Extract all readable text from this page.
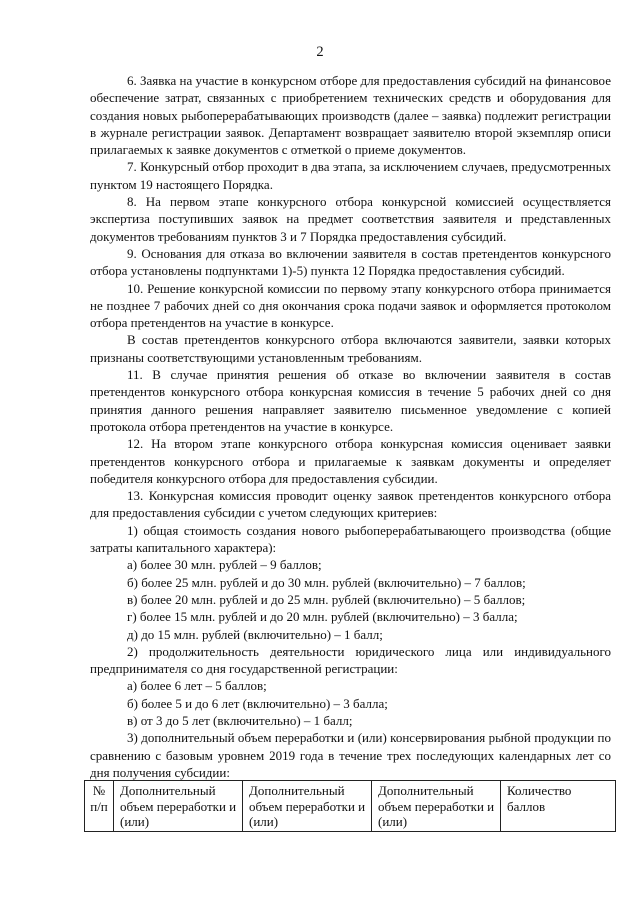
2

6. Заявка на участие в конкурсном отборе для предоставления субсидий на финансовое обеспечение затрат, связанных с приобретением технических средств и оборудования для создания новых рыбоперерабатывающих производств (далее – заявка) подлежит регистрации в журнале регистрации заявок. Департамент возвращает заявителю второй экземпляр описи прилагаемых к заявке документов с отметкой о приеме документов.

7. Конкурсный отбор проходит в два этапа, за исключением случаев, предусмотренных пунктом 19 настоящего Порядка.

8. На первом этапе конкурсного отбора конкурсной комиссией осуществляется экспертиза поступивших заявок на предмет соответствия заявителя и представленных документов требованиям пунктов 3 и 7 Порядка предоставления субсидий.

9. Основания для отказа во включении заявителя в состав претендентов конкурсного отбора установлены подпунктами 1)-5) пункта 12 Порядка предоставления субсидий.

10. Решение конкурсной комиссии по первому этапу конкурсного отбора принимается не позднее 7 рабочих дней со дня окончания срока подачи заявок и оформляется протоколом отбора претендентов на участие в конкурсе.

В состав претендентов конкурсного отбора включаются заявители, заявки которых признаны соответствующими установленным требованиям.

11. В случае принятия решения об отказе во включении заявителя в состав претендентов конкурсного отбора конкурсная комиссия в течение 5 рабочих дней со дня принятия данного решения направляет заявителю письменное уведомление с копией протокола отбора претендентов на участие в конкурсе.

12. На втором этапе конкурсного отбора конкурсная комиссия оценивает заявки претендентов конкурсного отбора и прилагаемые к заявкам документы и определяет победителя конкурсного отбора для предоставления субсидии.

13. Конкурсная комиссия проводит оценку заявок претендентов конкурсного отбора для предоставления субсидии с учетом следующих критериев:

1) общая стоимость создания нового рыбоперерабатывающего производства (общие затраты капитального характера):

а) более 30 млн. рублей – 9 баллов;

б) более 25 млн. рублей и до 30 млн. рублей (включительно) – 7 баллов;

в) более 20 млн. рублей и до 25 млн. рублей (включительно) – 5 баллов;

г) более 15 млн. рублей и до 20 млн. рублей (включительно) – 3 балла;

д) до 15 млн. рублей (включительно) – 1 балл;

2) продолжительность деятельности юридического лица или индивидуального предпринимателя со дня государственной регистрации:

а) более 6 лет – 5 баллов;

б) более 5 и до 6 лет (включительно) – 3 балла;

в) от 3 до 5 лет (включительно) – 1 балл;

3) дополнительный объем переработки и (или) консервирования рыбной продукции по сравнению с базовым уровнем 2019 года в течение трех последующих календарных лет со дня получения субсидии:

№ п/п	Дополнительный объем переработки и (или)	Дополнительный объем переработки и (или)	Дополнительный объем переработки и (или)	Количество баллов
